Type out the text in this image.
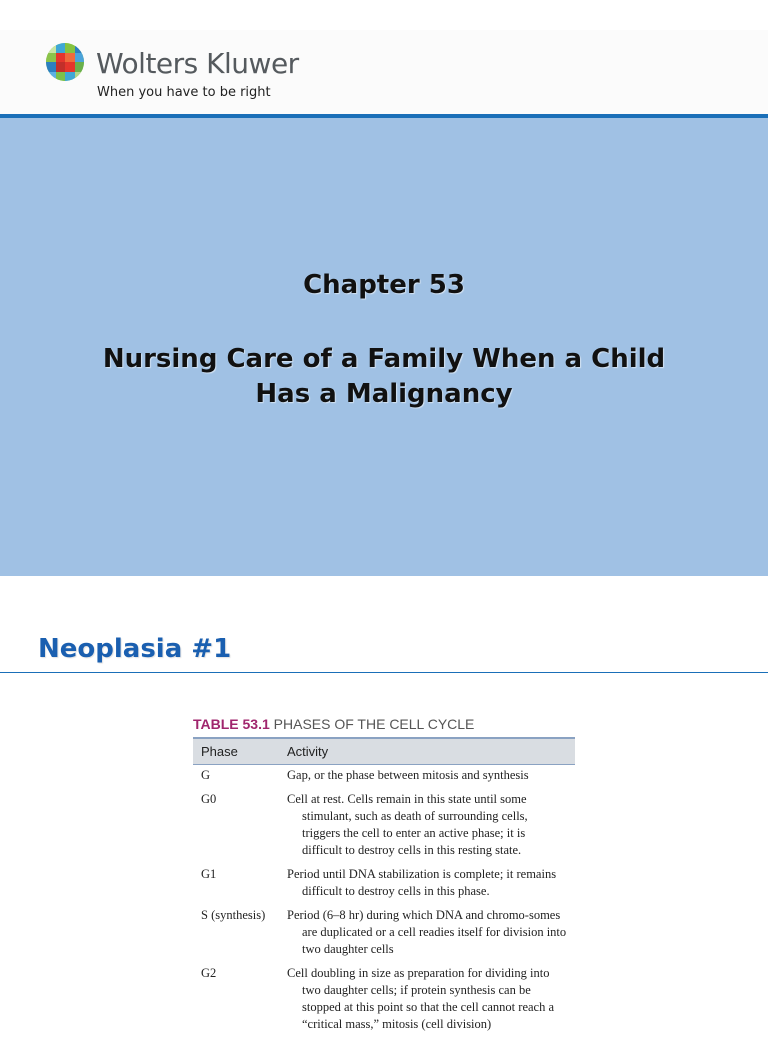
Wolters Kluwer
When you have to be right
Chapter 53
Nursing Care of a Family When a Child Has a Malignancy
Neoplasia #1
TABLE 53.1 PHASES OF THE CELL CYCLE
Phase	Activity
G	Gap, or the phase between mitosis and synthesis

G0	Cell at rest. Cells remain in this state until some stimulant, such as death of surrounding cells, triggers the cell to enter an active phase; it is difficult to destroy cells in this resting state.

G1	Period until DNA stabilization is complete; it remains difficult to destroy cells in this phase.

S (synthesis)	Period (6–8 hr) during which DNA and chromo-somes are duplicated or a cell readies itself for division into two daughter cells

G2	Cell doubling in size as preparation for dividing into two daughter cells; if protein synthesis can be stopped at this point so that the cell cannot reach a “critical mass,” mitosis (cell division)
